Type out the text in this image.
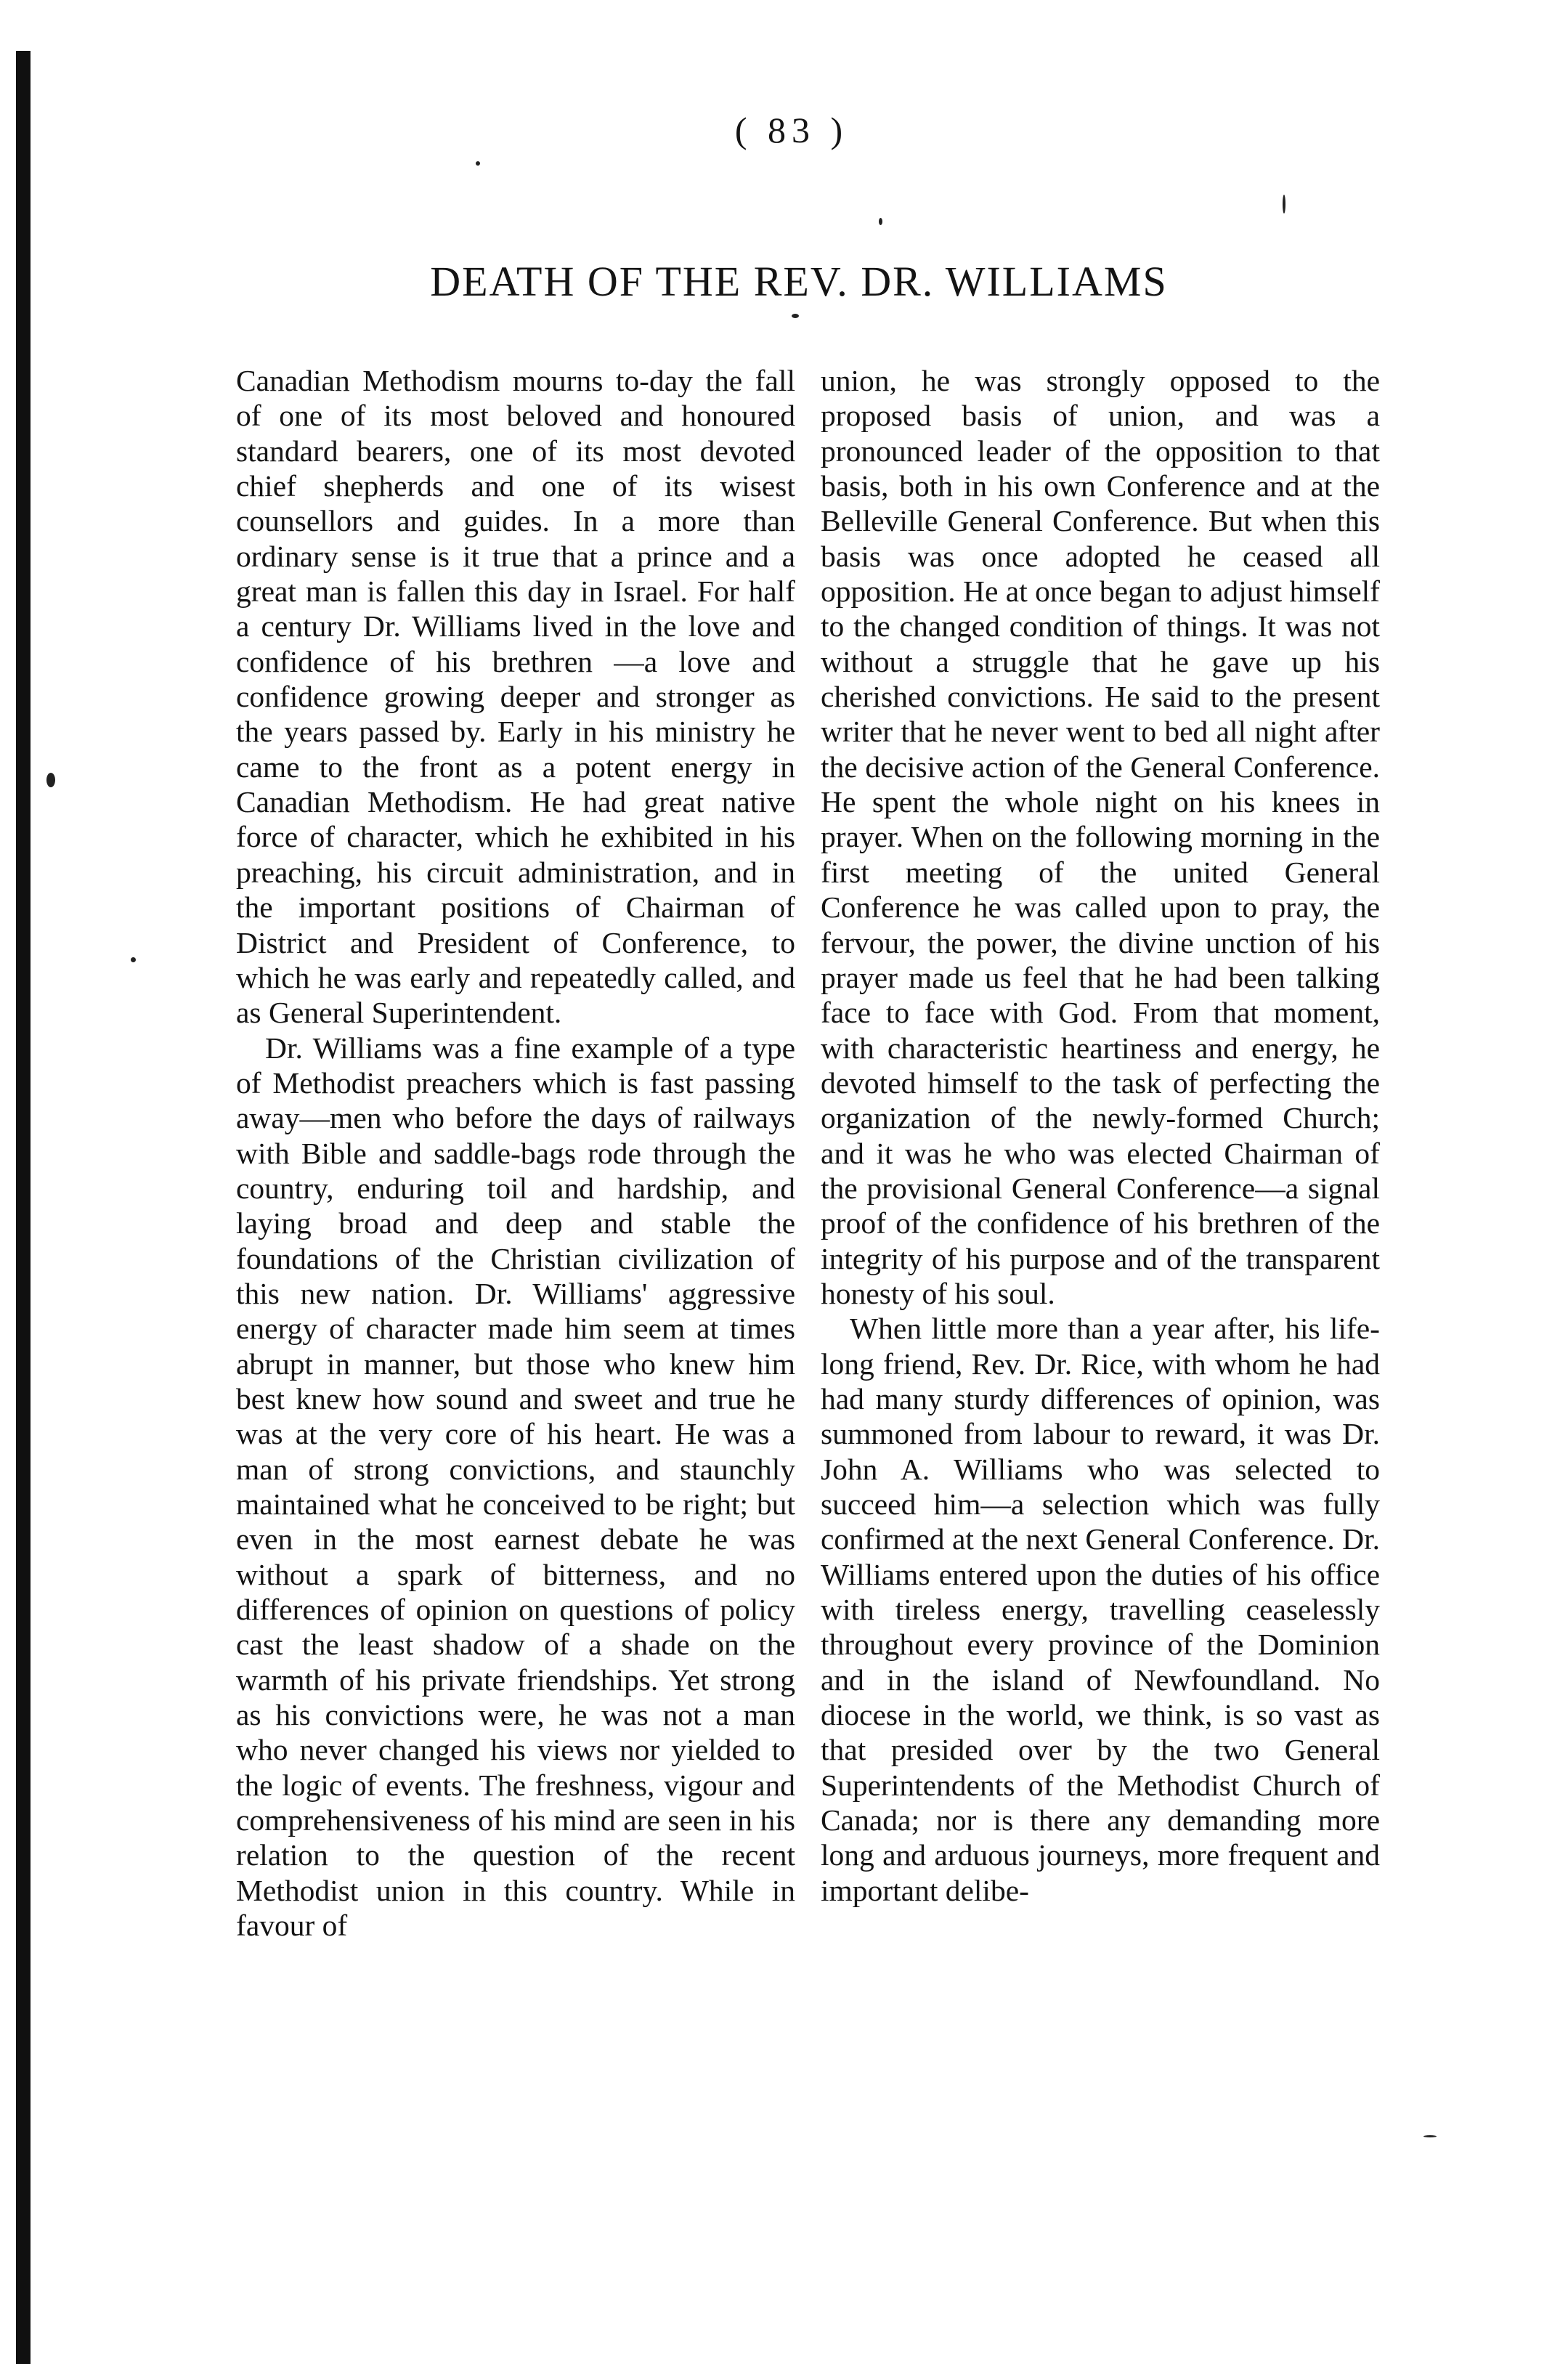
( 83 )
DEATH OF THE REV. DR. WILLIAMS

Canadian Methodism mourns to-day the fall of one of its most beloved and honoured standard bearers, one of its most devoted chief shepherds and one of its wisest counsellors and guides. In a more than ordinary sense is it true that a prince and a great man is fallen this day in Israel. For half a century Dr. Williams lived in the love and confidence of his brethren —a love and confidence growing deeper and stronger as the years passed by. Early in his ministry he came to the front as a potent energy in Canadian Methodism. He had great native force of character, which he exhibited in his preaching, his circuit administration, and in the important positions of Chairman of District and President of Conference, to which he was early and repeatedly called, and as General Superintendent.

Dr. Williams was a fine example of a type of Methodist preachers which is fast passing away—men who before the days of railways with Bible and saddle-bags rode through the country, enduring toil and hardship, and laying broad and deep and stable the foundations of the Christian civilization of this new nation. Dr. Williams' aggressive energy of character made him seem at times abrupt in manner, but those who knew him best knew how sound and sweet and true he was at the very core of his heart. He was a man of strong convictions, and staunchly maintained what he conceived to be right; but even in the most earnest debate he was without a spark of bitterness, and no differences of opinion on questions of policy cast the least shadow of a shade on the warmth of his private friendships. Yet strong as his convictions were, he was not a man who never changed his views nor yielded to the logic of events. The freshness, vigour and comprehensiveness of his mind are seen in his relation to the question of the recent Methodist union in this country. While in favour of

union, he was strongly opposed to the proposed basis of union, and was a pronounced leader of the opposition to that basis, both in his own Conference and at the Belleville General Conference. But when this basis was once adopted he ceased all opposition. He at once began to adjust himself to the changed condition of things. It was not without a struggle that he gave up his cherished convictions. He said to the present writer that he never went to bed all night after the decisive action of the General Conference. He spent the whole night on his knees in prayer. When on the following morning in the first meeting of the united General Conference he was called upon to pray, the fervour, the power, the divine unction of his prayer made us feel that he had been talking face to face with God. From that moment, with characteristic heartiness and energy, he devoted himself to the task of perfecting the organization of the newly-formed Church; and it was he who was elected Chairman of the provisional General Conference—a signal proof of the confidence of his brethren of the integrity of his purpose and of the transparent honesty of his soul.

When little more than a year after, his life-long friend, Rev. Dr. Rice, with whom he had had many sturdy differences of opinion, was summoned from labour to reward, it was Dr. John A. Williams who was selected to succeed him—a selection which was fully confirmed at the next General Conference. Dr. Williams entered upon the duties of his office with tireless energy, travelling ceaselessly throughout every province of the Dominion and in the island of Newfoundland. No diocese in the world, we think, is so vast as that presided over by the two General Superintendents of the Methodist Church of Canada; nor is there any demanding more long and arduous journeys, more frequent and important delibe-
